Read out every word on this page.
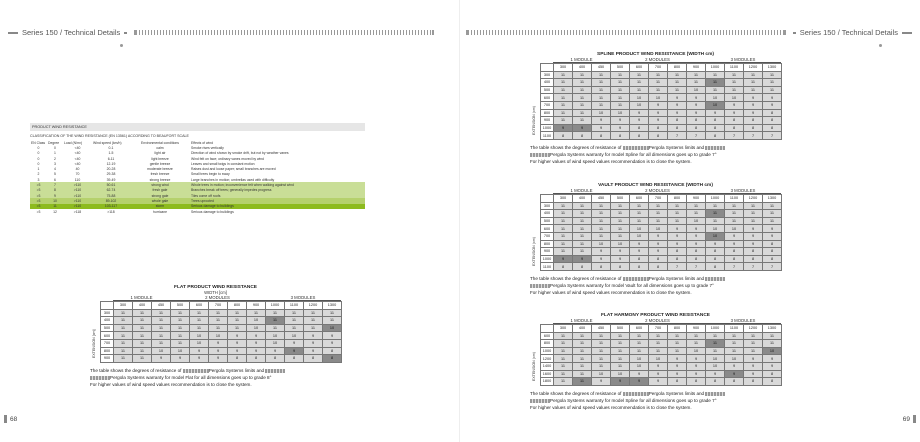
Series 150 / Technical Details
PRODUCT WIND RESISTANCE
CLASSIFICATION OF THE WIND RESISTANCE (EN 13561) ACCORDING TO BEAUFORT SCALE
EN Class	Degree	Load (N/m²)	Wind speed (km/h)	Environmental conditions	Effects of wind
0	0	<40	0-1	calm	Smoke rises vertically
0	1	<40	1-5	light air	Direction of wind shown by smoke drift, but not by weather vanes
0	2	<40	6-11	light breeze	Wind felt on face; ordinary vanes moved by wind
0	3	<40	12-19	gentle breeze	Leaves and small twigs in constant motion
1	4	40	20-28	moderate breeze	Raises dust and loose paper; small branches are moved
2	5	70	29-38	fresh breeze	Small trees begin to sway
3	6	110	39-49	strong breeze	Large branches in motion; umbrellas used with difficulty
>3	7	>110	50-61	strong wind	Whole trees in motion; inconvenience felt when walking against wind
>3	8	>110	62-74	fresh gale	Branches break off trees; generally impedes progress
>3	9	>110	75-88	strong gale	Tiles come off roofs
>3	10	>110	89-102	whole gale	Trees uprooted
>3	11	>110	103-117	storm	Serious damage to buildings
>3	12	>118	>118	hurricane	Serious damage to buildings
FLAT PRODUCT WIND RESISTANCE
WIDTH [cm]
1 MODULE	2 MODULES	3 MODULES
EXTENSION [cm]
	300	400	450	500	600	700	800	900	1000	1100	1200	1300
300	11	11	11	11	11	11	11	11	11	11	11	11
400	11	11	11	11	11	11	11	10	11	11	11	11
500	11	11	11	11	11	11	11	10	11	11	11	10
600	11	11	11	11	10	10	9	9	10	10	9	9
700	11	11	11	11	10	9	9	9	10	9	9	9
800	11	11	10	10	9	9	9	9	9	9	9	8
900	11	11	9	9	9	9	8	8	8	8	8	8
The table shows the degrees of resistance of	Pergola Systems limits and
Pergola Systems warranty for model Flat for all dimensions goes up to grade 8°
For higher values of wind speed values recommendation is to close the system.
68
Series 150 / Technical Details
SPLINE PRODUCT WIND RESISTANCE (WIDTH cm)
1 MODULE	2 MODULES	3 MODULES
EXTENSION (cm)
	300	400	450	500	600	700	800	900	1000	1100	1200	1300
300	11	11	11	11	11	11	11	11	11	11	11	11
400	11	11	11	11	11	11	11	11	11	11	11	11
500	11	11	11	11	11	11	11	10	11	11	11	11
600	11	11	11	11	10	10	9	9	10	10	9	9
700	11	11	11	11	10	9	9	9	10	9	9	9
800	11	11	10	10	9	9	9	9	9	9	9	8
900	11	11	9	9	9	9	8	8	8	8	8	8
1000	9	9	9	9	8	8	8	8	8	8	8	8
1100	8	8	8	8	8	8	7	7	8	7	7	7
The table shows the degrees of resistance of	Pergola Systems limits and
Pergola Systems warranty for model Spline for all dimensions goes up to grade 7°
For higher values of wind speed values recommendation is to close the system.
VAULT PRODUCT WIND RESISTANCE (WIDTH cm)
1 MODULE	2 MODULES	3 MODULES
EXTENSION (cm)
	300	400	450	500	600	700	800	900	1000	1100	1200	1300
300	11	11	11	11	11	11	11	11	11	11	11	11
400	11	11	11	11	11	11	11	11	11	11	11	11
500	11	11	11	11	11	11	11	10	11	11	11	11
600	11	11	11	11	10	10	9	9	10	10	9	9
700	11	11	11	11	10	9	9	9	10	9	9	9
800	11	11	10	10	9	9	9	9	9	9	9	8
900	11	11	9	9	9	9	8	8	8	8	8	8
1000	9	9	9	9	8	8	8	8	8	8	8	8
1100	8	8	8	8	8	8	7	7	8	7	7	7
The table shows the degrees of resistance of	Pergola Systems limits and
Pergola Systems warranty for model Vault for all dimensions goes up to grade 7°
For higher values of wind speed values recommendation is to close the system.
FLAT HARMONY PRODUCT WIND RESISTANCE
1 MODULE	2 MODULES	3 MODULES
EXTENSION (cm)
	300	400	450	500	600	700	800	900	1000	1100	1200	1300
600	11	11	11	11	11	11	11	11	11	11	11	11
800	11	11	11	11	11	11	11	11	11	11	11	11
1000	11	11	11	11	11	11	11	10	11	11	11	10
1200	11	11	11	11	10	10	9	9	10	10	9	9
1400	11	11	11	11	10	9	9	9	10	9	9	9
1600	11	11	10	10	9	9	9	9	9	9	9	8
1800	11	11	9	9	9	9	8	8	8	8	8	8
The table shows the degrees of resistance of	Pergola Systems limits and
Pergola Systems warranty for model Spline for all dimensions goes up to grade 7°
For higher values of wind speed values recommendation is to close the system.
69
